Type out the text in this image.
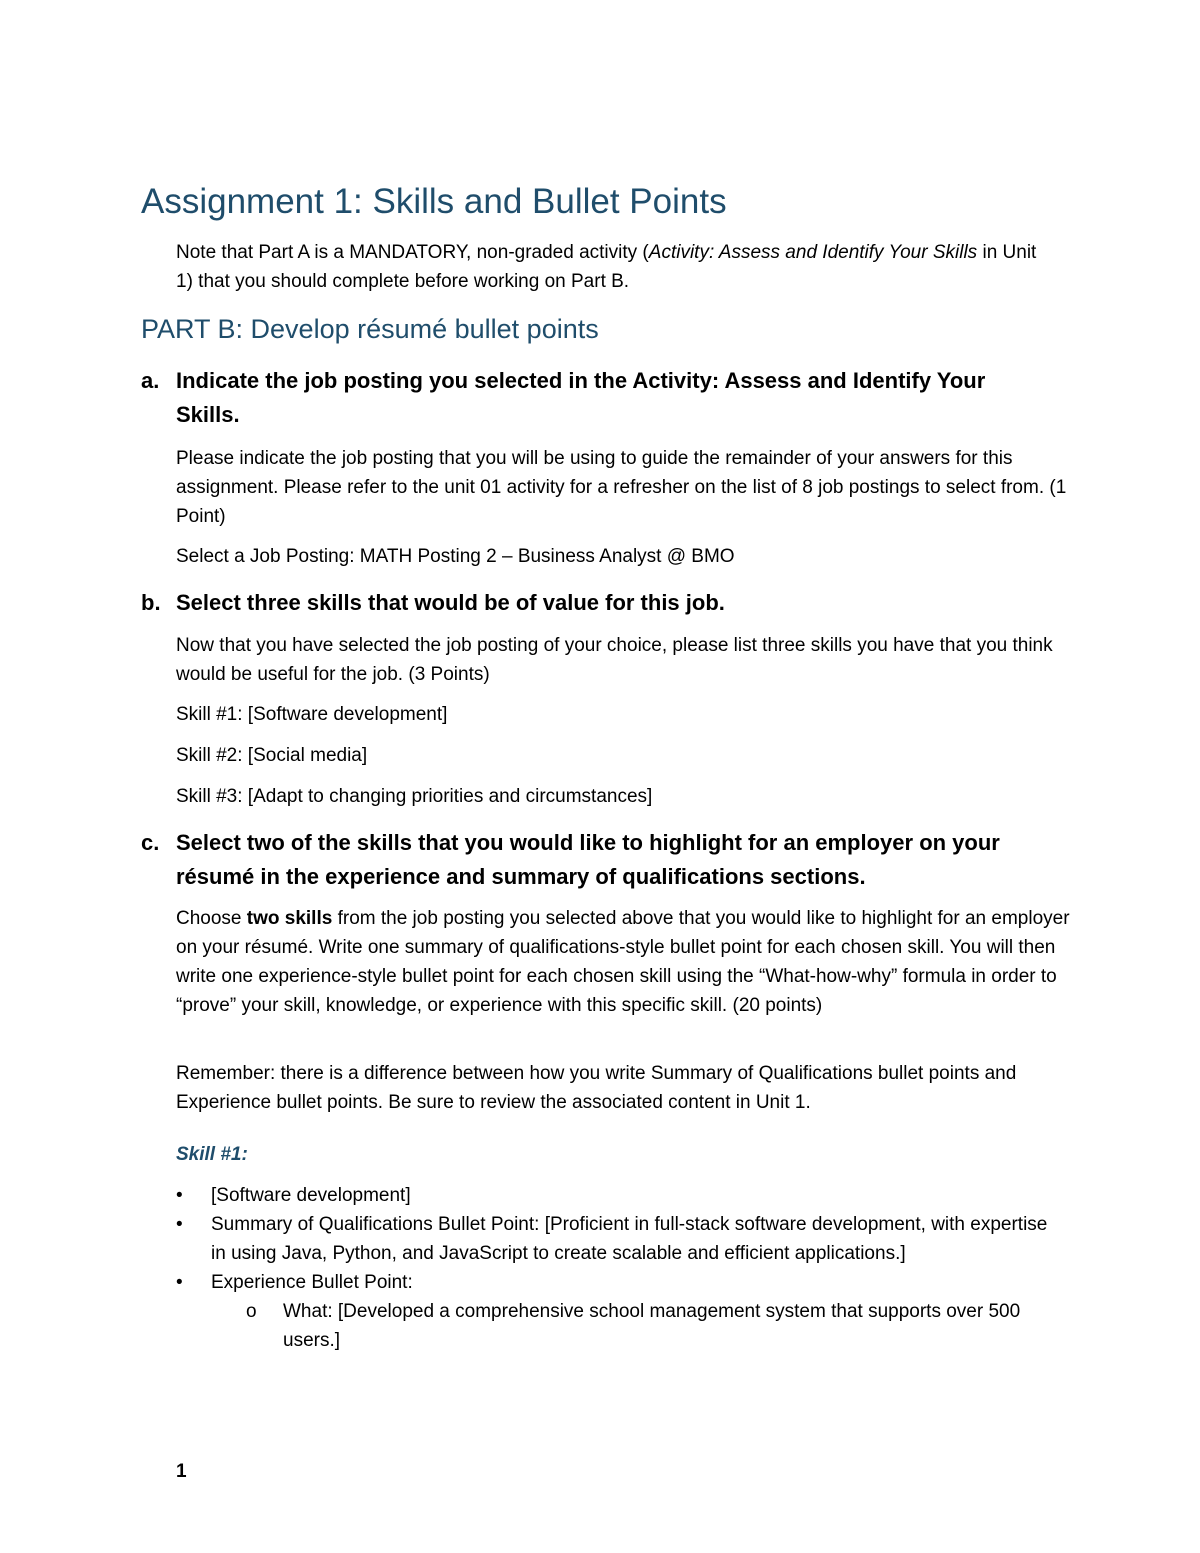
Assignment 1: Skills and Bullet Points
Note that Part A is a MANDATORY, non-graded activity (Activity: Assess and Identify Your Skills in Unit 1) that you should complete before working on Part B.
PART B: Develop résumé bullet points
a. Indicate the job posting you selected in the Activity: Assess and Identify Your Skills.
Please indicate the job posting that you will be using to guide the remainder of your answers for this assignment. Please refer to the unit 01 activity for a refresher on the list of 8 job postings to select from. (1 Point)
Select a Job Posting: MATH Posting 2 – Business Analyst @ BMO
b. Select three skills that would be of value for this job.
Now that you have selected the job posting of your choice, please list three skills you have that you think would be useful for the job. (3 Points)
Skill #1: [Software development]
Skill #2: [Social media]
Skill #3: [Adapt to changing priorities and circumstances]
c. Select two of the skills that you would like to highlight for an employer on your résumé in the experience and summary of qualifications sections.
Choose two skills from the job posting you selected above that you would like to highlight for an employer on your résumé. Write one summary of qualifications-style bullet point for each chosen skill. You will then write one experience-style bullet point for each chosen skill using the “What-how-why” formula in order to “prove” your skill, knowledge, or experience with this specific skill. (20 points)
Remember: there is a difference between how you write Summary of Qualifications bullet points and Experience bullet points. Be sure to review the associated content in Unit 1.
Skill #1:
• [Software development]
• Summary of Qualifications Bullet Point: [Proficient in full-stack software development, with expertise in using Java, Python, and JavaScript to create scalable and efficient applications.]
• Experience Bullet Point:
o What: [Developed a comprehensive school management system that supports over 500 users.]
1
